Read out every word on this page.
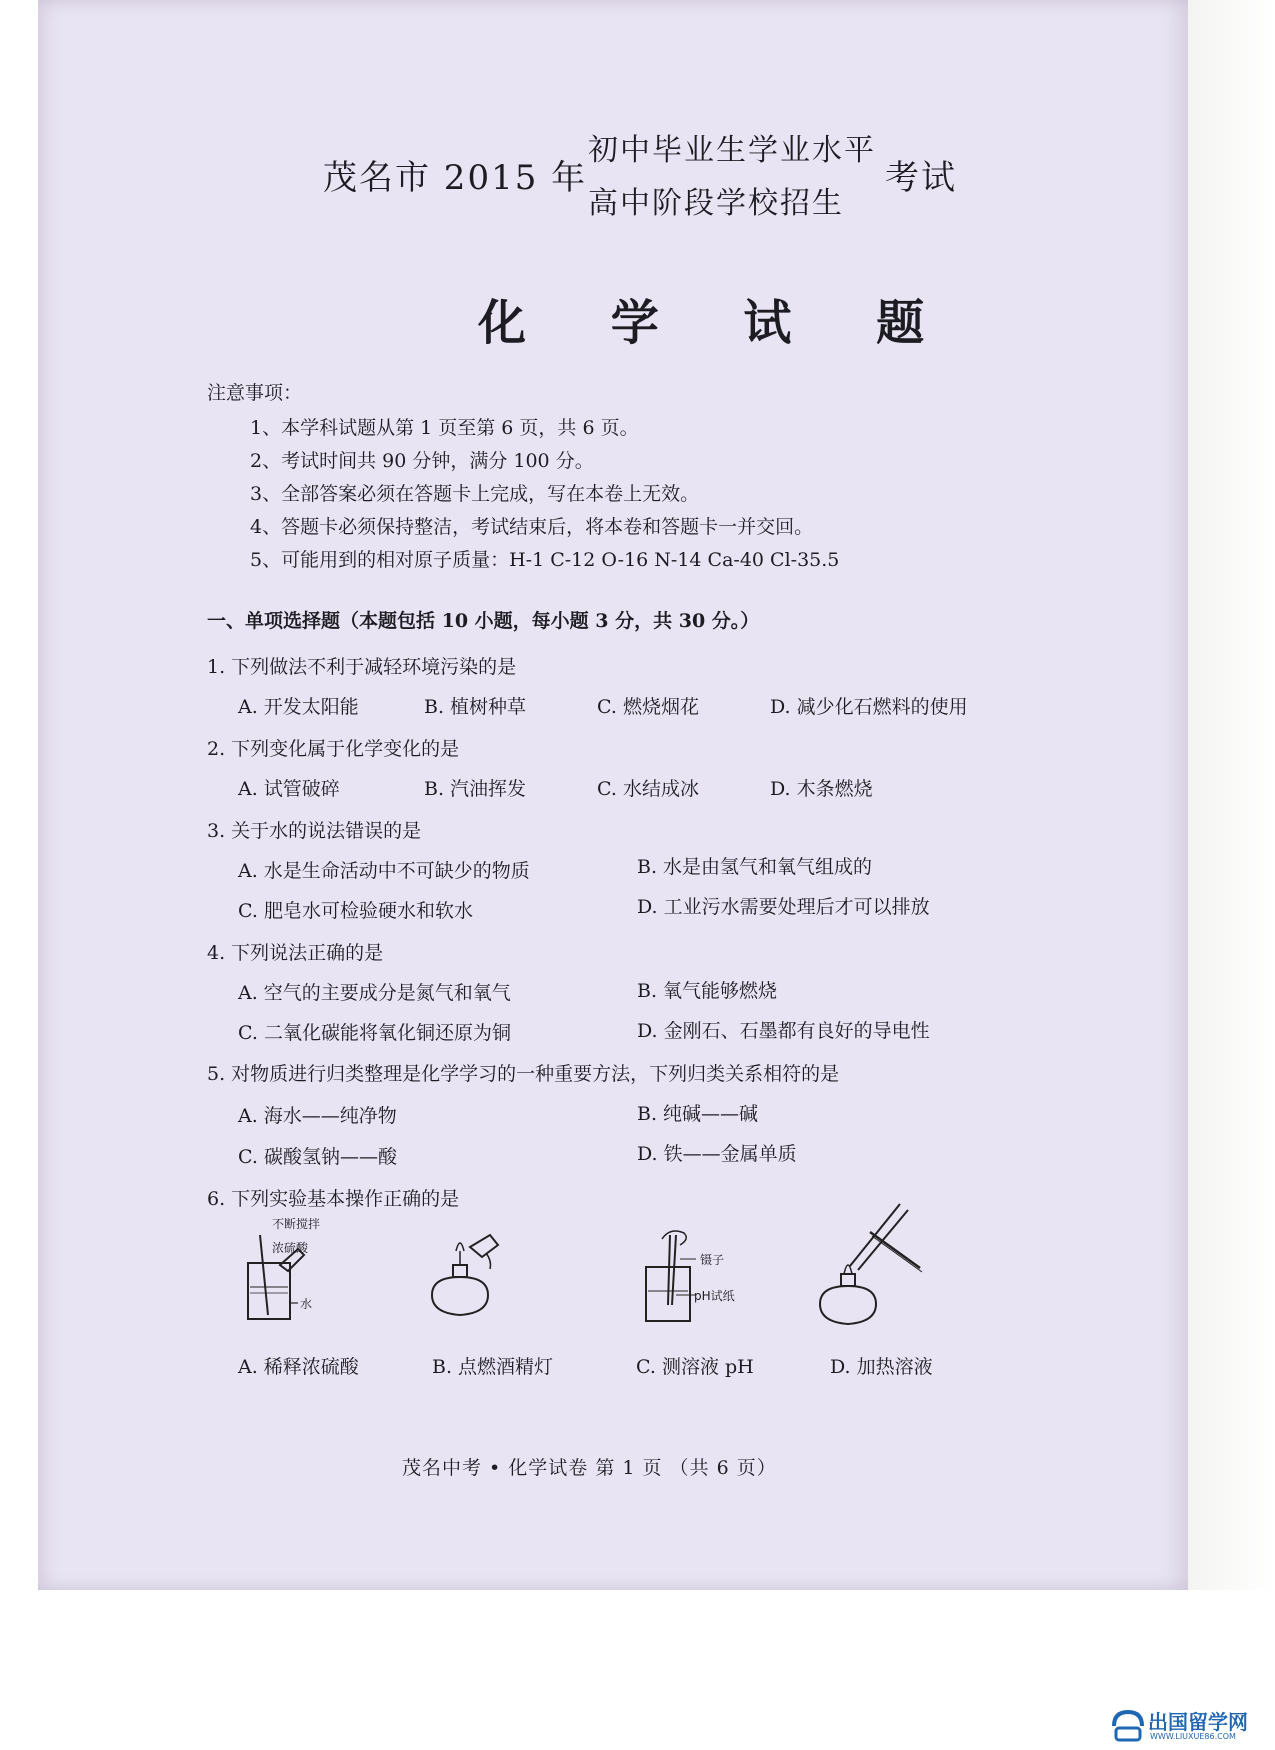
茂名市 2015 年
初中毕业生学业水平
高中阶段学校招生
考试
化 学 试 题
注意事项：
1、本学科试题从第 1 页至第 6 页，共 6 页。
2、考试时间共 90 分钟，满分 100 分。
3、全部答案必须在答题卡上完成，写在本卷上无效。
4、答题卡必须保持整洁，考试结束后，将本卷和答题卡一并交回。
5、可能用到的相对原子质量：H-1 C-12 O-16 N-14 Ca-40 Cl-35.5
一、单项选择题（本题包括 10 小题，每小题 3 分，共 30 分。）
1. 下列做法不利于减轻环境污染的是
A. 开发太阳能	B. 植树种草	C. 燃烧烟花	D. 减少化石燃料的使用
2. 下列变化属于化学变化的是
A. 试管破碎	B. 汽油挥发	C. 水结成冰	D. 木条燃烧
3. 关于水的说法错误的是
A. 水是生命活动中不可缺少的物质	B. 水是由氢气和氧气组成的
C. 肥皂水可检验硬水和软水	D. 工业污水需要处理后才可以排放
4. 下列说法正确的是
A. 空气的主要成分是氮气和氧气	B. 氧气能够燃烧
C. 二氧化碳能将氧化铜还原为铜	D. 金刚石、石墨都有良好的导电性
5. 对物质进行归类整理是化学学习的一种重要方法，下列归类关系相符的是
A. 海水——纯净物	B. 纯碱——碱
C. 碳酸氢钠——酸	D. 铁——金属单质
6. 下列实验基本操作正确的是
不断搅拌
浓硫酸
水
镊子
pH试纸
A. 稀释浓硫酸	B. 点燃酒精灯	C. 测溶液 pH	D. 加热溶液
茂名中考 • 化学试卷 第 1 页 （共 6 页）
出国留学网
WWW.LIUXUE86.COM
